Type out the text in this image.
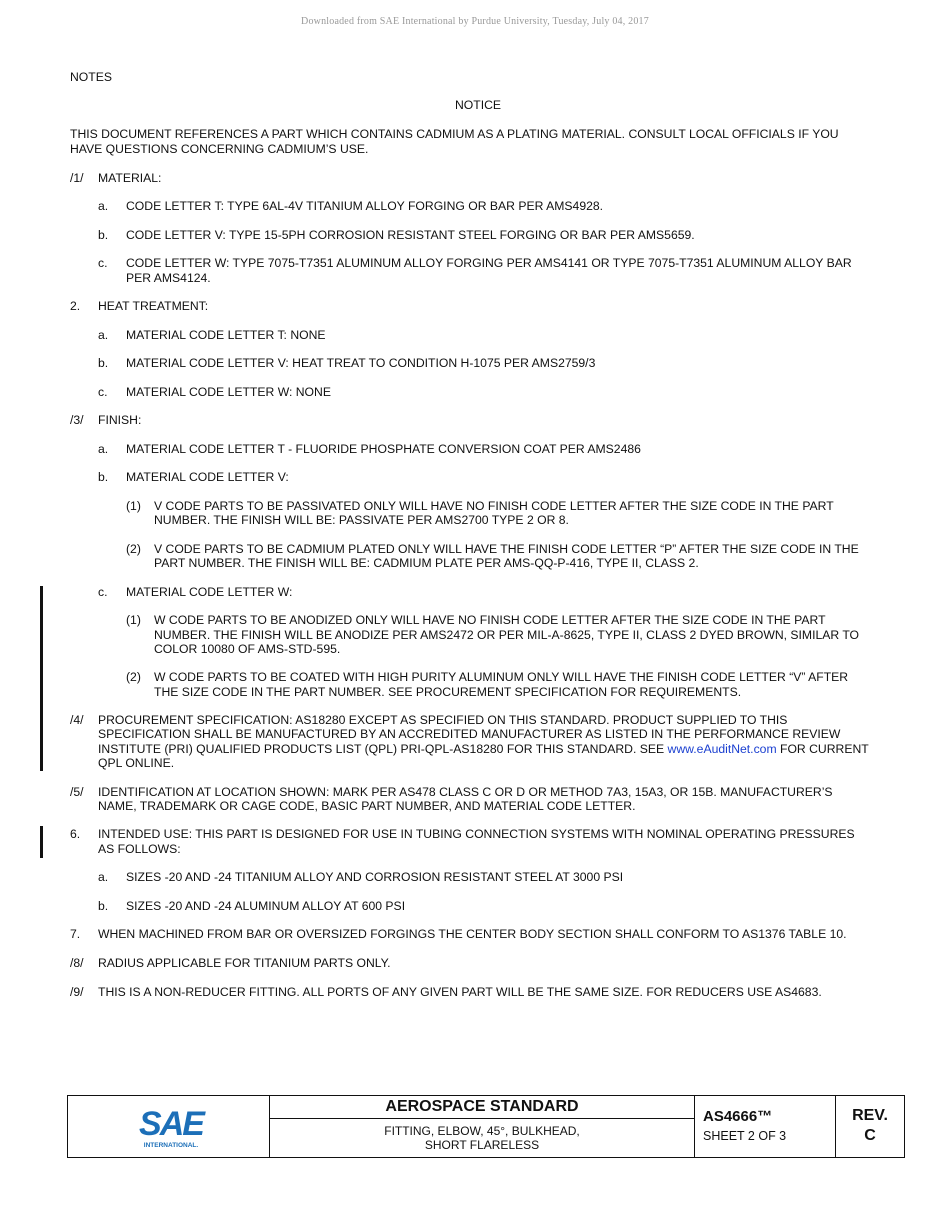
Downloaded from SAE International by Purdue University, Tuesday, July 04, 2017
NOTES
NOTICE
THIS DOCUMENT REFERENCES A PART WHICH CONTAINS CADMIUM AS A PLATING MATERIAL. CONSULT LOCAL OFFICIALS IF YOU
HAVE QUESTIONS CONCERNING CADMIUM’S USE.
/1/ MATERIAL:
a. CODE LETTER T: TYPE 6AL-4V TITANIUM ALLOY FORGING OR BAR PER AMS4928.
b. CODE LETTER V: TYPE 15-5PH CORROSION RESISTANT STEEL FORGING OR BAR PER AMS5659.
c. CODE LETTER W: TYPE 7075-T7351 ALUMINUM ALLOY FORGING PER AMS4141 OR TYPE 7075-T7351 ALUMINUM ALLOY BAR
PER AMS4124.
2. HEAT TREATMENT:
a. MATERIAL CODE LETTER T: NONE
b. MATERIAL CODE LETTER V: HEAT TREAT TO CONDITION H-1075 PER AMS2759/3
c. MATERIAL CODE LETTER W: NONE
/3/ FINISH:
a. MATERIAL CODE LETTER T - FLUORIDE PHOSPHATE CONVERSION COAT PER AMS2486
b. MATERIAL CODE LETTER V:
(1) V CODE PARTS TO BE PASSIVATED ONLY WILL HAVE NO FINISH CODE LETTER AFTER THE SIZE CODE IN THE PART
NUMBER. THE FINISH WILL BE: PASSIVATE PER AMS2700 TYPE 2 OR 8.
(2) V CODE PARTS TO BE CADMIUM PLATED ONLY WILL HAVE THE FINISH CODE LETTER “P” AFTER THE SIZE CODE IN THE
PART NUMBER. THE FINISH WILL BE: CADMIUM PLATE PER AMS-QQ-P-416, TYPE II, CLASS 2.
c. MATERIAL CODE LETTER W:
(1) W CODE PARTS TO BE ANODIZED ONLY WILL HAVE NO FINISH CODE LETTER AFTER THE SIZE CODE IN THE PART
NUMBER. THE FINISH WILL BE ANODIZE PER AMS2472 OR PER MIL-A-8625, TYPE II, CLASS 2 DYED BROWN, SIMILAR TO
COLOR 10080 OF AMS-STD-595.
(2) W CODE PARTS TO BE COATED WITH HIGH PURITY ALUMINUM ONLY WILL HAVE THE FINISH CODE LETTER “V” AFTER
THE SIZE CODE IN THE PART NUMBER. SEE PROCUREMENT SPECIFICATION FOR REQUIREMENTS.
/4/ PROCUREMENT SPECIFICATION: AS18280 EXCEPT AS SPECIFIED ON THIS STANDARD. PRODUCT SUPPLIED TO THIS
SPECIFICATION SHALL BE MANUFACTURED BY AN ACCREDITED MANUFACTURER AS LISTED IN THE PERFORMANCE REVIEW
INSTITUTE (PRI) QUALIFIED PRODUCTS LIST (QPL) PRI-QPL-AS18280 FOR THIS STANDARD. SEE www.eAuditNet.com FOR CURRENT
QPL ONLINE.
/5/ IDENTIFICATION AT LOCATION SHOWN: MARK PER AS478 CLASS C OR D OR METHOD 7A3, 15A3, OR 15B. MANUFACTURER’S
NAME, TRADEMARK OR CAGE CODE, BASIC PART NUMBER, AND MATERIAL CODE LETTER.
6. INTENDED USE: THIS PART IS DESIGNED FOR USE IN TUBING CONNECTION SYSTEMS WITH NOMINAL OPERATING PRESSURES
AS FOLLOWS:
a. SIZES -20 AND -24 TITANIUM ALLOY AND CORROSION RESISTANT STEEL AT 3000 PSI
b. SIZES -20 AND -24 ALUMINUM ALLOY AT 600 PSI
7. WHEN MACHINED FROM BAR OR OVERSIZED FORGINGS THE CENTER BODY SECTION SHALL CONFORM TO AS1376 TABLE 10.
/8/ RADIUS APPLICABLE FOR TITANIUM PARTS ONLY.
/9/ THIS IS A NON-REDUCER FITTING. ALL PORTS OF ANY GIVEN PART WILL BE THE SAME SIZE. FOR REDUCERS USE AS4683.
SAE
INTERNATIONAL.
AEROSPACE STANDARD
FITTING, ELBOW, 45°, BULKHEAD,
SHORT FLARELESS
AS4666™
SHEET 2 OF 3
REV.
C
